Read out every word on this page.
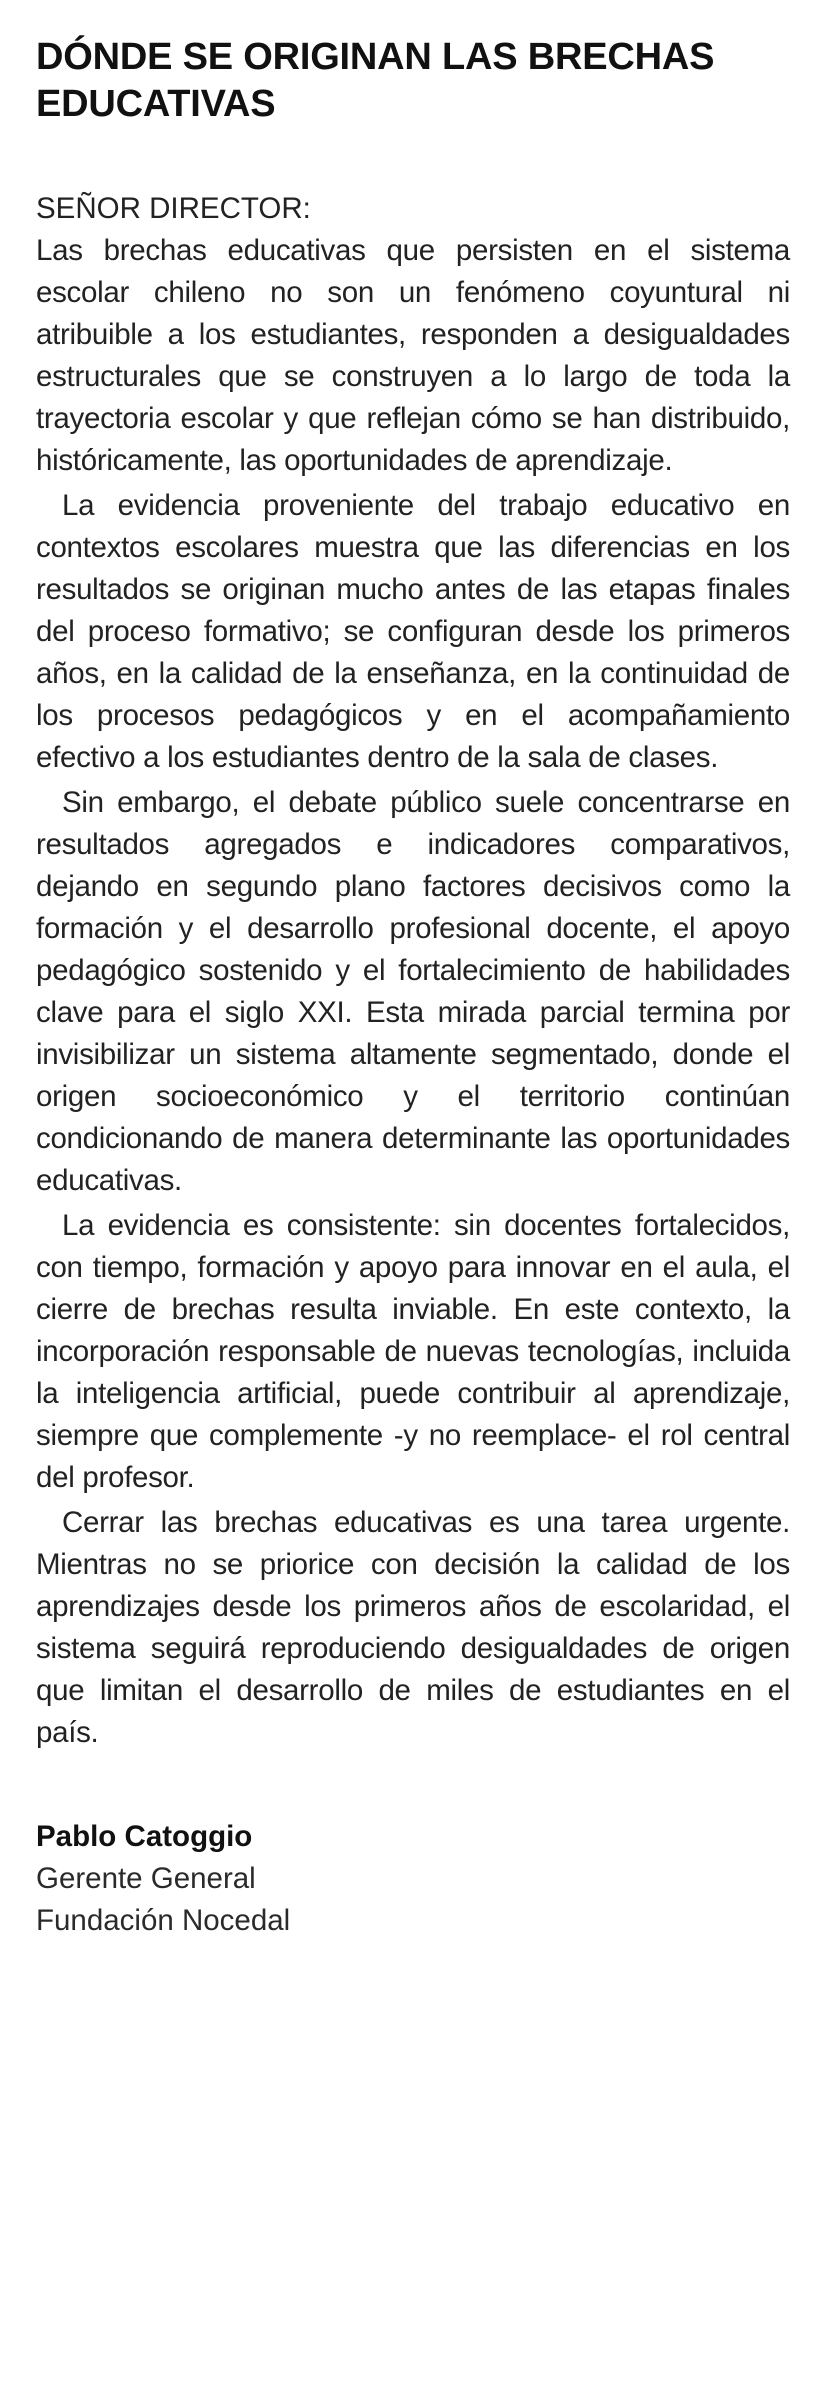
DÓNDE SE ORIGINAN LAS BRECHAS EDUCATIVAS
SEÑOR DIRECTOR:

Las brechas educativas que persisten en el sistema escolar chileno no son un fenómeno coyuntural ni atribuible a los estudiantes, responden a desigualdades estructurales que se construyen a lo largo de toda la trayectoria escolar y que reflejan cómo se han distribuido, históricamente, las oportunidades de aprendizaje.

La evidencia proveniente del trabajo educativo en contextos escolares muestra que las diferencias en los resultados se originan mucho antes de las etapas finales del proceso formativo; se configuran desde los primeros años, en la calidad de la enseñanza, en la continuidad de los procesos pedagógicos y en el acompañamiento efectivo a los estudiantes dentro de la sala de clases.

Sin embargo, el debate público suele concentrarse en resultados agregados e indicadores comparativos, dejando en segundo plano factores decisivos como la formación y el desarrollo profesional docente, el apoyo pedagógico sostenido y el fortalecimiento de habilidades clave para el siglo XXI. Esta mirada parcial termina por invisibilizar un sistema altamente segmentado, donde el origen socioeconómico y el territorio continúan condicionando de manera determinante las oportunidades educativas.

La evidencia es consistente: sin docentes fortalecidos, con tiempo, formación y apoyo para innovar en el aula, el cierre de brechas resulta inviable. En este contexto, la incorporación responsable de nuevas tecnologías, incluida la inteligencia artificial, puede contribuir al aprendizaje, siempre que complemente -y no reemplace- el rol central del profesor.

Cerrar las brechas educativas es una tarea urgente. Mientras no se priorice con decisión la calidad de los aprendizajes desde los primeros años de escolaridad, el sistema seguirá reproduciendo desigualdades de origen que limitan el desarrollo de miles de estudiantes en el país.

Pablo Catoggio
Gerente General
Fundación Nocedal
